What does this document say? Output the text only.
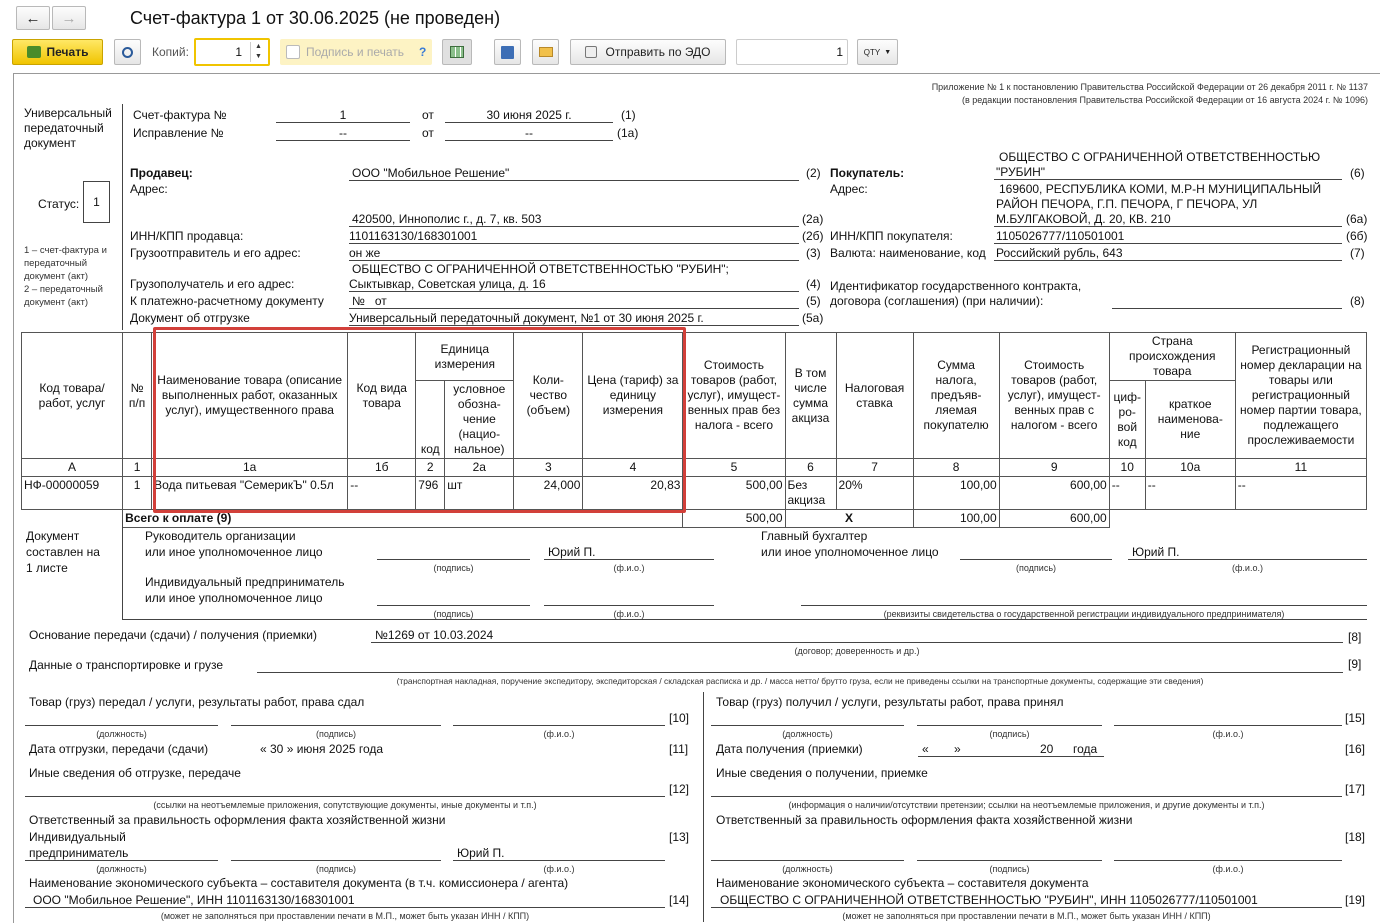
← →	Счет-фактура 1 от 30.06.2025 (не проведен)
Печать	Копий:	1	▲
▼	Подпись и печать ?	Отправить по ЭДО	1	QTY ▼
Приложение № 1 к постановлению Правительства Российской Федерации от 26 декабря 2011 г. № 1137
(в редакции постановления Правительства Российской Федерации от 16 августа 2024 г. № 1096)
Универсальный
передаточный
документ
Статус:	1
1 – счет-фактура и
передаточный
документ (акт)
2 – передаточный
документ (акт)
Счет-фактура №	1	от	30 июня 2025 г.	(1)
Исправление №	--	от	--	(1а)
Продавец:	ООО "Мобильное Решение"	(2)
Адрес:
420500, Иннополис г., д. 7, кв. 503	(2а)
ИНН/КПП продавца:	1101163130/168301001	(2б)
Грузоотправитель и его адрес:	он же	(3)
Грузополучатель и его адрес:
ОБЩЕСТВО С ОГРАНИЧЕННОЙ ОТВЕТСТВЕННОСТЬЮ "РУБИН";
Сыктывкар, Советская улица, д. 16	(4)
К платежно-расчетному документу №   от	(5)
Документ об отгрузке	Универсальный передаточный документ, №1 от 30 июня 2025 г.	(5а)
Покупатель:
ОБЩЕСТВО С ОГРАНИЧЕННОЙ ОТВЕТСТВЕННОСТЬЮ
"РУБИН"	(6)
Адрес:	169600, РЕСПУБЛИКА КОМИ, М.Р-Н МУНИЦИПАЛЬНЫЙ
РАЙОН ПЕЧОРА, Г.П. ПЕЧОРА, Г ПЕЧОРА, УЛ
М.БУЛГАКОВОЙ, Д. 20, КВ. 210	(6а)
ИНН/КПП покупателя:	1105026777/110501001	(6б)
Валюта: наименование, код Российский рубль, 643	(7)
Идентификатор государственного контракта,
договора (соглашения) (при наличии):	(8)
Код товара/ работ, услуг	№ п/п	Наименование товара (описание выполненных работ, оказанных услуг), имущественного права	Код вида товара	Единица измерения		Коли-чество (объем)	Цена (тариф) за единицу измерения	Стоимость товаров (работ, услуг), имущест-венных прав без налога - всего	В том числе сумма акциза	Налоговая ставка	Сумма налога, предъяв-ляемая покупателю	Стоимость товаров (работ, услуг), имущест-венных прав с налогом - всего	Страна происхождения товара		Регистрационный номер декларации на товары или регистрационный номер партии товара, подлежащего прослеживаемости
				код	условное обозна-чение (нацио-нальное)								циф-ро-вой код	краткое наименова-ние	
А	1	1а	1б	2	2а	3	4	5	6	7	8	9	10	10а	11
НФ-00000059	1	Вода питьевая "СемерикЪ" 0.5л	--	796	шт	24,000	20,83	500,00	Без акциза	20%	100,00	600,00	--	--	--
	Всего к оплате (9)							500,00	Х		100,00	600,00			
Документ
составлен на
1 листе
Руководитель организации
или иное уполномоченное лицо
(подпись)
Юрий П.
(ф.и.о.)
Главный бухгалтер
или иное уполномоченное лицо
(подпись)
Юрий П.
(ф.и.о.)
Индивидуальный предприниматель
или иное уполномоченное лицо
(подпись)	(ф.и.о.)	(реквизиты свидетельства о государственной регистрации индивидуального предпринимателя)
Основание передачи (сдачи) / получения (приемки)	№1269 от 10.03.2024
(договор; доверенность и др.)
[8]
Данные о транспортировке и грузе
(транспортная накладная, поручение экспедитору, экспедиторская / складская расписка и др. / масса нетто/ брутто груза, если не приведены ссылки на транспортные документы, содержащие эти сведения)
[9]
Товар (груз) передал / услуги, результаты работ, права сдал
(должность)	(подпись)	(ф.и.о.)
[10]
Дата отгрузки, передачи (сдачи)	« 30 » июня 2025 года	[11]
Иные сведения об отгрузке, передаче
(ссылки на неотъемлемые приложения, сопутствующие документы, иные документы и т.п.)
[12]
Ответственный за правильность оформления факта хозяйственной жизни
Индивидуальный
предприниматель
(должность)	(подпись)
Юрий П.
(ф.и.о.)
[13]
Наименование экономического субъекта – составителя документа (в т.ч. комиссионера / агента)
ООО "Мобильное Решение", ИНН 1101163130/168301001
(может не заполняться при проставлении печати в М.П., может быть указан ИНН / КПП)
[14]
Товар (груз) получил / услуги, результаты работ, права принял
(должность)	(подпись)	(ф.и.о.)
[15]
Дата получения (приемки)	« »	20 года	[16]
Иные сведения о получении, приемке
(информация о наличии/отсутствии претензии; ссылки на неотъемлемые приложения, и другие документы и т.п.)
[17]
Ответственный за правильность оформления факта хозяйственной жизни
(должность)	(подпись)	(ф.и.о.)
[18]
Наименование экономического субъекта – составителя документа
ОБЩЕСТВО С ОГРАНИЧЕННОЙ ОТВЕТСТВЕННОСТЬЮ "РУБИН", ИНН 1105026777/110501001
(может не заполняться при проставлении печати в М.П., может быть указан ИНН / КПП)
[19]
